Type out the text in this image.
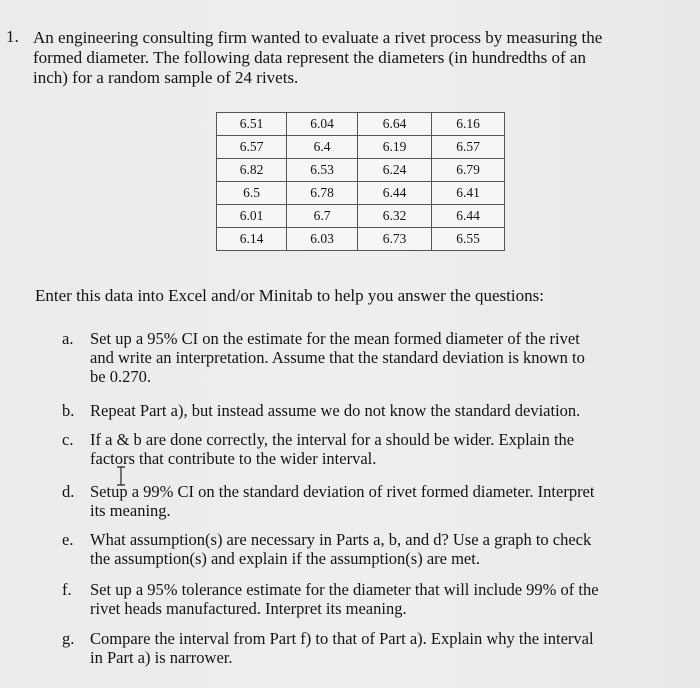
1. An engineering consulting firm wanted to evaluate a rivet process by measuring the
formed diameter. The following data represent the diameters (in hundredths of an
inch) for a random sample of 24 rivets.
6.51	6.04	6.64	6.16
6.57	6.4	6.19	6.57
6.82	6.53	6.24	6.79
6.5	6.78	6.44	6.41
6.01	6.7	6.32	6.44
6.14	6.03	6.73	6.55
Enter this data into Excel and/or Minitab to help you answer the questions:
a.	Set up a 95% CI on the estimate for the mean formed diameter of the rivet
and write an interpretation. Assume that the standard deviation is known to
be 0.270.
b. Repeat Part a), but instead assume we do not know the standard deviation.
c.	If a & b are done correctly, the interval for a should be wider. Explain the
factors that contribute to the wider interval.
d. Setup a 99% CI on the standard deviation of rivet formed diameter. Interpret
its meaning.
e.	What assumption(s) are necessary in Parts a, b, and d? Use a graph to check
the assumption(s) and explain if the assumption(s) are met.
f.	Set up a 95% tolerance estimate for the diameter that will include 99% of the
rivet heads manufactured. Interpret its meaning.
g. Compare the interval from Part f) to that of Part a). Explain why the interval
in Part a) is narrower.
